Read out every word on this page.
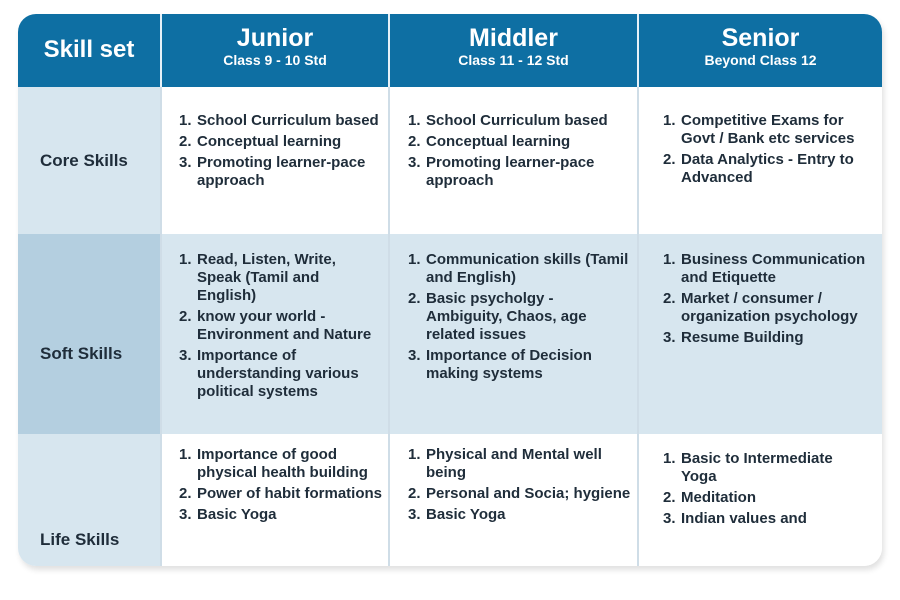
Skill set	Junior
Class 9 - 10 Std
Middler
Class 11 - 12 Std
Senior
Beyond Class 12
Core Skills
1. School Curriculum based
2. Conceptual learning
3. Promoting learner-pace approach
1. School Curriculum based
2. Conceptual learning
3. Promoting learner-pace approach
1. Competitive Exams for Govt / Bank etc services
2. Data Analytics - Entry to Advanced
Soft Skills
1. Read, Listen, Write, Speak (Tamil and English)
2. know your world - Environment and Nature
3. Importance of understanding various political systems
1. Communication skills (Tamil and English)
2. Basic psycholgy - Ambiguity, Chaos, age related issues
3. Importance of Decision making systems
1. Business Communication and Etiquette
2. Market / consumer / organization psychology
3. Resume Building
Life Skills
1. Importance of good physical health building
2. Power of habit formations
3. Basic Yoga
1. Physical and Mental well being
2. Personal and Socia; hygiene
3. Basic Yoga
1. Basic to Intermediate Yoga
2. Meditation
3. Indian values and
